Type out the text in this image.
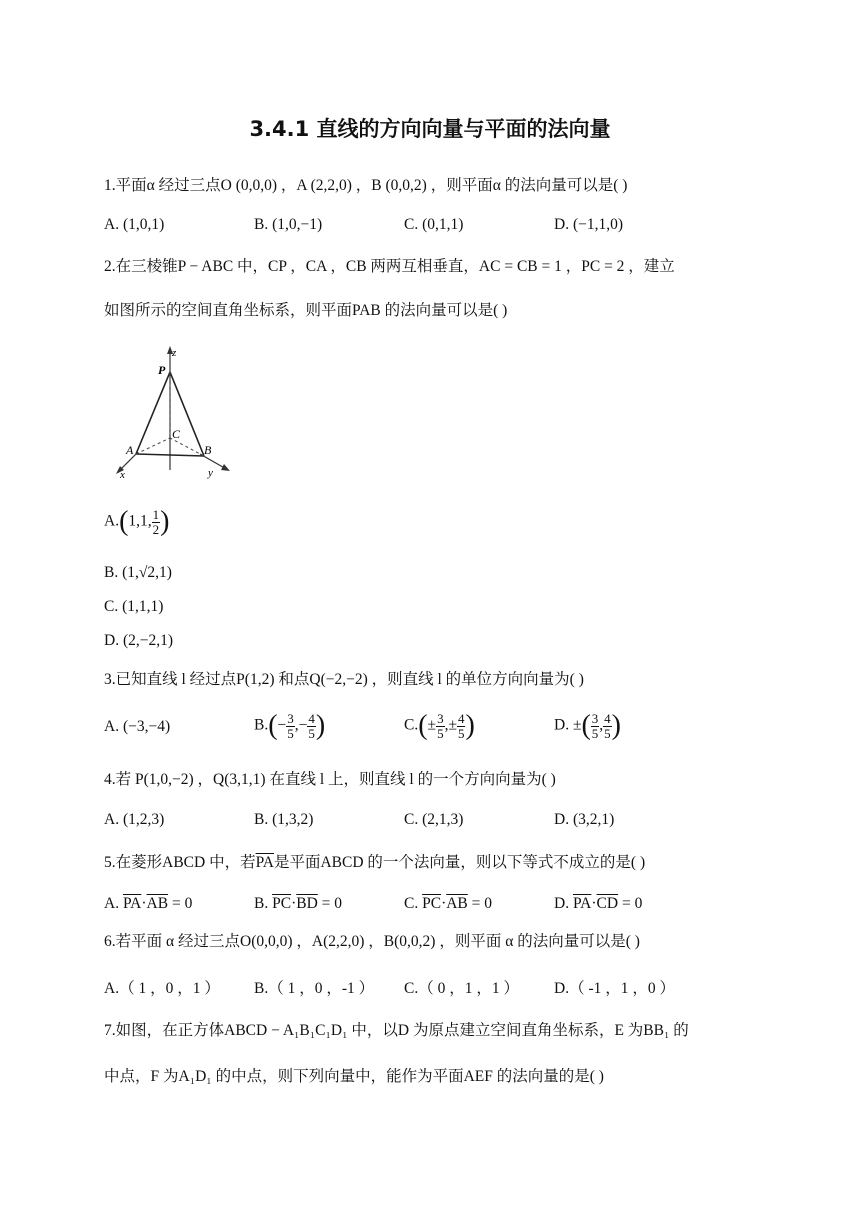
3.4.1 直线的方向向量与平面的法向量
1.平面α 经过三点O (0,0,0) ，A (2,2,0) ，B (0,0,2) ，则平面α 的法向量可以是( )
A. (1,0,1)	B. (1,0,−1)	C. (0,1,1)	D. (−1,1,0)
2.在三棱锥P − ABC 中，CP ，CA ，CB 两两互相垂直，AC = CB = 1 ，PC = 2 ，建立
如图所示的空间直角坐标系，则平面PAB 的法向量可以是( )
z
P
C
A	B
x	y
A.(1,1, $\frac{1}{2}$ )
B. (1,√2,1)
C. (1,1,1)
D. (2,−2,1)
3.已知直线 l 经过点P(1,2) 和点Q(−2,−2) ，则直线 l 的单位方向向量为( )
A. (−3,−4)	$B.(- \frac{3}{5}$ ,− $\frac{4}{5}$ )	$C.(\pm \frac{3}{5}$ ,± $\frac{4}{5}$ )	D. ±( $\frac{3}{5}$ , $\frac{4}{5}$ )
4.若 P(1,0,−2) ，Q(3,1,1) 在直线 l 上，则直线 l 的一个方向向量为( )
A. (1,2,3)	B. (1,3,2)	C. (2,1,3)	D. (3,2,1)
5.在菱形ABCD 中，若$\overline{PA}$是平面ABCD 的一个法向量，则以下等式不成立的是( )
A. $\overline{PA}\cdot\overline{AB} = 0$	B. $\overline{PC}\cdot\overline{BD} = 0$	C. $\overline{PC}\cdot\overline{AB} = 0$	D. $\overline{PA}\cdot\overline{CD} = 0$
6.若平面 α 经过三点O(0,0,0) ，A(2,2,0) ，B(0,0,2) ，则平面 α 的法向量可以是( )
A.（ 1 ，0 ，1 ） B.（ 1 ，0 ，-1 ） C.（ 0 ，1 ，1 ） D.（ -1 ，1 ，0 ）
7.如图，在正方体ABCD − A₁B₁C₁D₁ 中，以D 为原点建立空间直角坐标系，E 为BB₁ 的
中点，F 为A₁D₁ 的中点，则下列向量中，能作为平面AEF 的法向量的是( )
